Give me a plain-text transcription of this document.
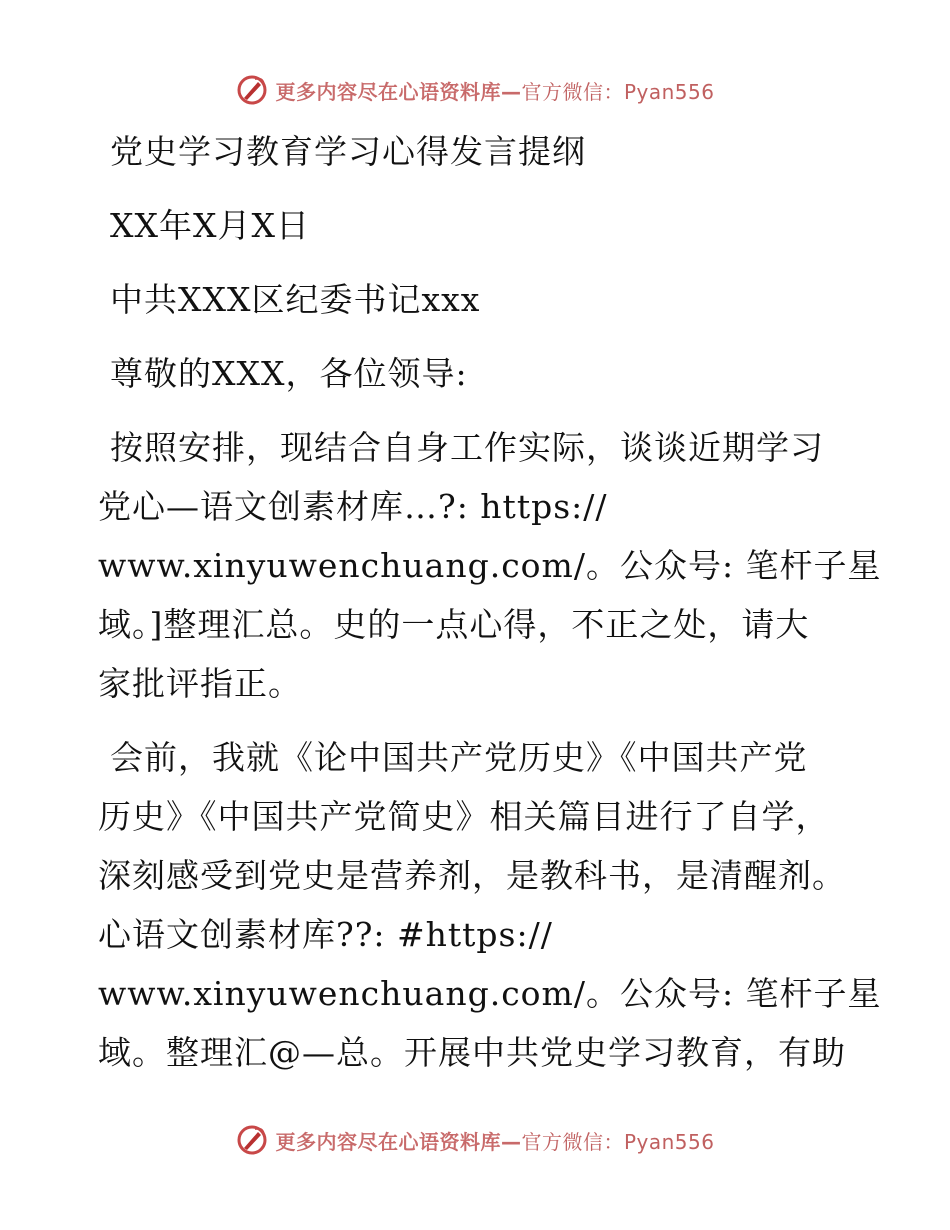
更多内容尽在心语资料库—官方微信：Pyan556
党史学习教育学习心得发言提纲
XX年X月X日
中共XXX区纪委书记xxx
尊敬的XXX，各位领导:
按照安排，现结合自身工作实际，谈谈近期学习
党心—语文创素材库…?: https://
www.xinyuwenchuang.com/。公众号: 笔杆子星
域。]整理汇总。史的一点心得，不正之处，请大
家批评指正。
会前，我就《论中国共产党历史》《中国共产党
历史》《中国共产党简史》相关篇目进行了自学，
深刻感受到党史是营养剂，是教科书，是清醒剂。
心语文创素材库??: #https://
www.xinyuwenchuang.com/。公众号: 笔杆子星
域。整理汇@—总。开展中共党史学习教育，有助
更多内容尽在心语资料库—官方微信：Pyan556
